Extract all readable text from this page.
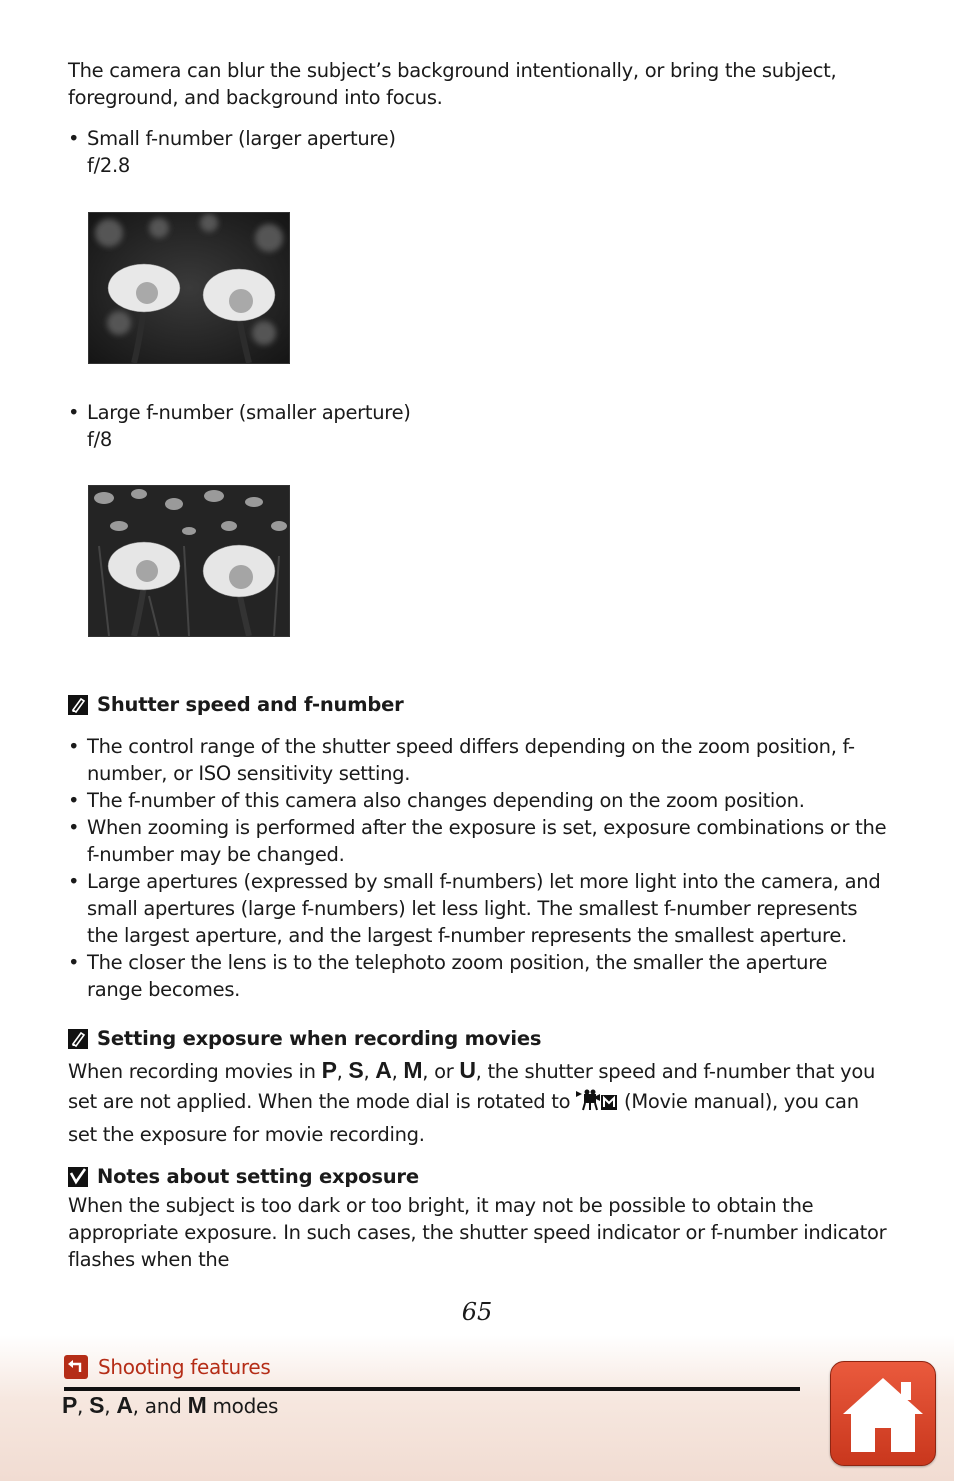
The camera can blur the subject’s background intentionally, or bring the subject, foreground, and background into focus.

• Small f-number (larger aperture)
f/2.8
• Large f-number (smaller aperture)
f/8
Shutter speed and f-number
• The control range of the shutter speed differs depending on the zoom position, f-number, or ISO sensitivity setting.
• The f-number of this camera also changes depending on the zoom position.
• When zooming is performed after the exposure is set, exposure combinations or the f-number may be changed.
• Large apertures (expressed by small f-numbers) let more light into the camera, and small apertures (large f-numbers) let less light. The smallest f-number represents the largest aperture, and the largest f-number represents the smallest aperture.
• The closer the lens is to the telephoto zoom position, the smaller the aperture range becomes.
Setting exposure when recording movies

When recording movies in P, S, A, M, or U, the shutter speed and f-number that you set are not applied. When the mode dial is rotated to	(Movie manual), you can set the exposure for movie recording.

Notes about setting exposure

When the subject is too dark or too bright, it may not be possible to obtain the appropriate exposure. In such cases, the shutter speed indicator or f-number indicator flashes when the

65
Shooting features
P, S, A, and M modes
